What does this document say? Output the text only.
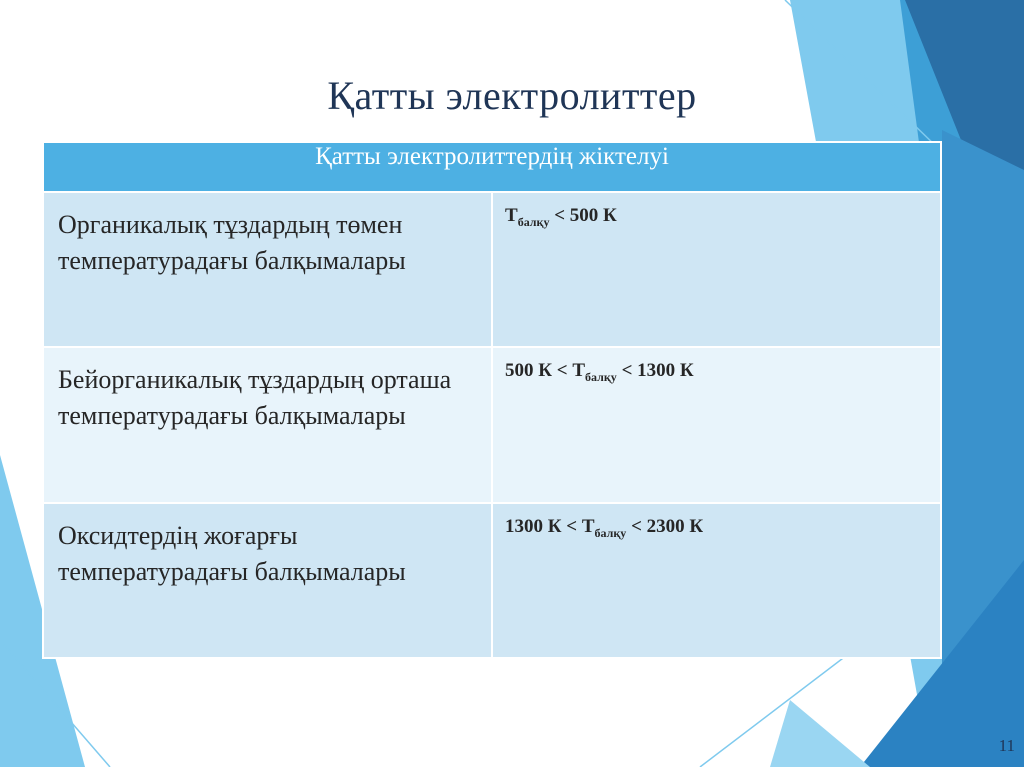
Қатты электролиттер
Қатты электролиттердің жіктелуі	
Органикалық тұздардың төмен температурадағы балқымалары	$Т_{балқу} < 500$ К
Бейорганикалық тұздардың орташа температурадағы балқымалары	500 $К < Т_{балқу} < 1300$ К
Оксидтердің жоғарғы температурадағы балқымалары	1300 $К < Т_{балқу} < 2300$ К
11
